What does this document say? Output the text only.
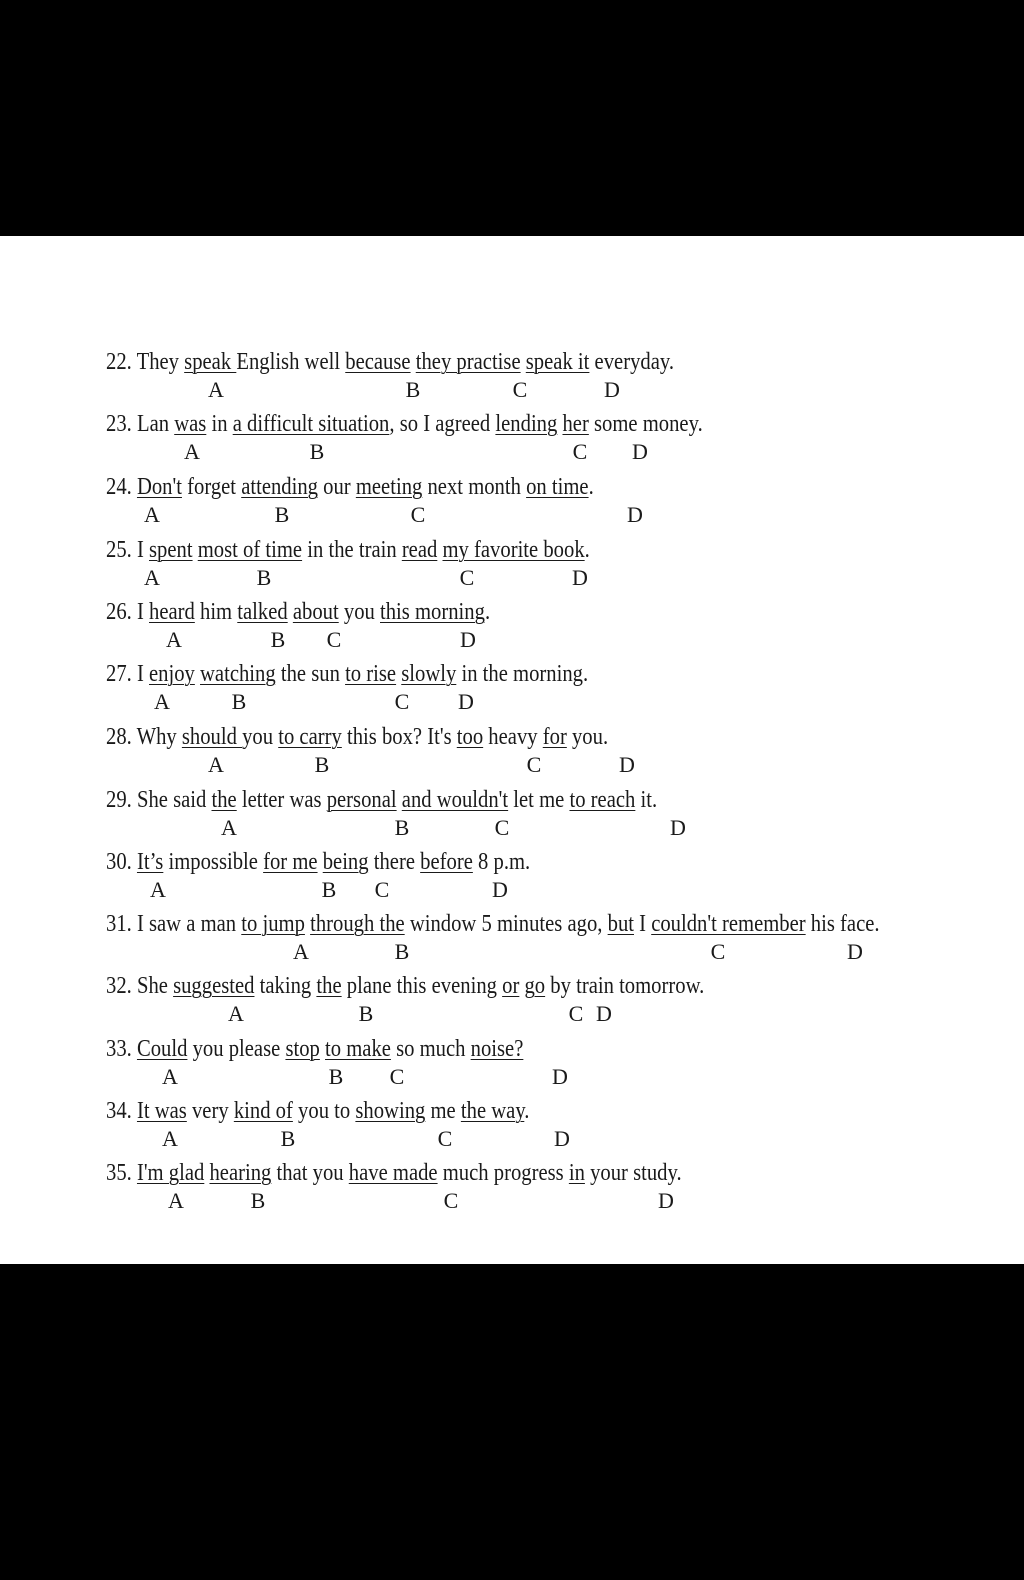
22. They speak English well because they practise speak it everyday.
A	B	C	D
23. Lan was in a difficult situation, so I agreed lending her some money.
A	B	C D
24. Don't forget attending our meeting next month on time.
A	B	C	D
25. I spent most of time in the train read my favorite book.
A	B	C	D
26. I heard him talked about you this morning.
A	B C	D
27. I enjoy watching the sun to rise slowly in the morning.
A	B	C D
28. Why should you to carry this box? It's too heavy for you.
A	B	C	D
29. She said the letter was personal and wouldn't let me to reach it.
A	B	C	D
30. It’s impossible for me being there before 8 p.m.
A	B C	D
31. I saw a man to jump through the window 5 minutes ago, but I couldn't remember his face.
A	B	C	D
32. She suggested taking the plane this evening or go by train tomorrow.
A	B	C D
33. Could you please stop to make so much noise?
A	B C	D
34. It was very kind of you to showing me the way.
A	B	C	D
35. I'm glad hearing that you have made much progress in your study.
A	B	C	D
